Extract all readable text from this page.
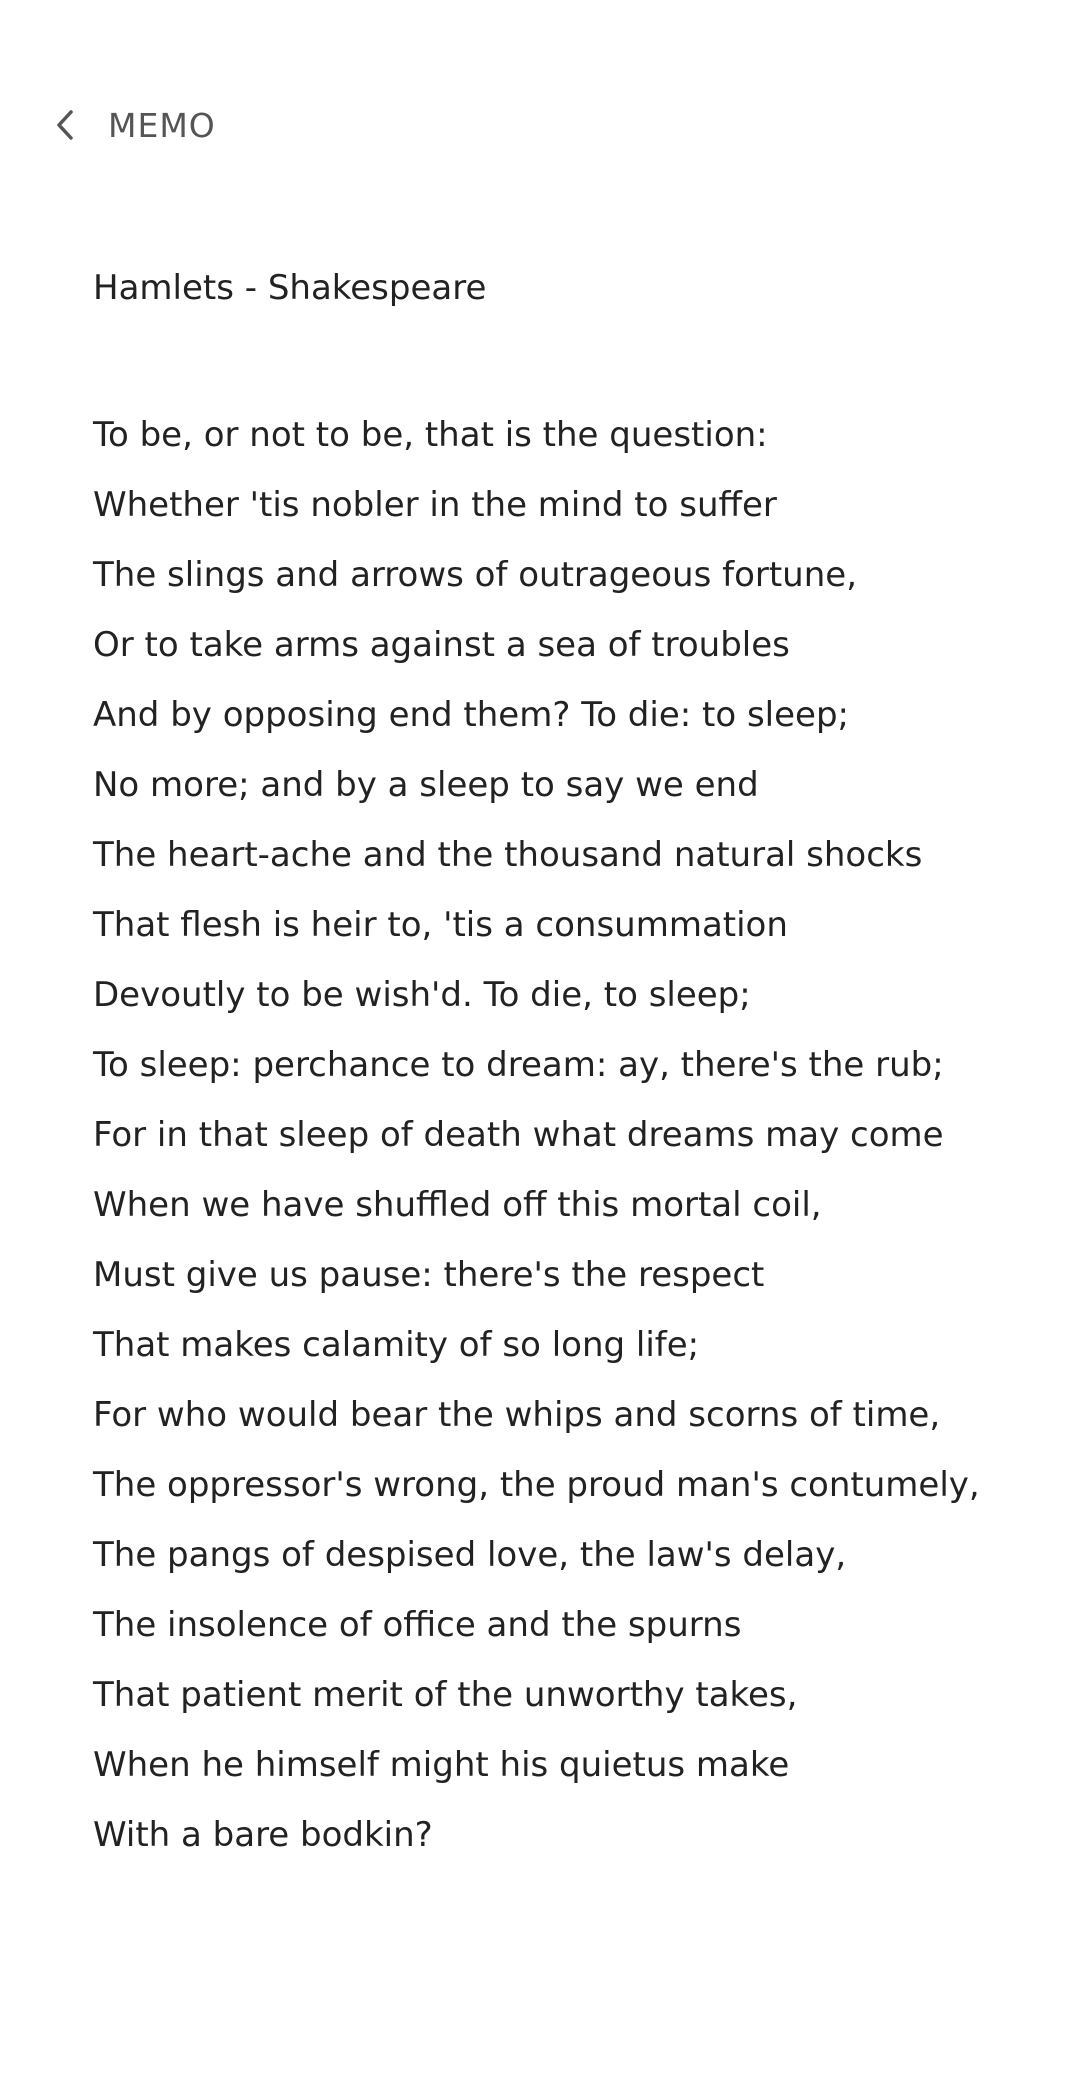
MEMO
Hamlets - Shakespeare
To be, or not to be, that is the question:
Whether 'tis nobler in the mind to suffer
The slings and arrows of outrageous fortune,
Or to take arms against a sea of troubles
And by opposing end them? To die: to sleep;
No more; and by a sleep to say we end
The heart-ache and the thousand natural shocks
That flesh is heir to, 'tis a consummation
Devoutly to be wish'd. To die, to sleep;
To sleep: perchance to dream: ay, there's the rub;
For in that sleep of death what dreams may come
When we have shuffled off this mortal coil,
Must give us pause: there's the respect
That makes calamity of so long life;
For who would bear the whips and scorns of time,
The oppressor's wrong, the proud man's contumely,
The pangs of despised love, the law's delay,
The insolence of office and the spurns
That patient merit of the unworthy takes,
When he himself might his quietus make
With a bare bodkin?
